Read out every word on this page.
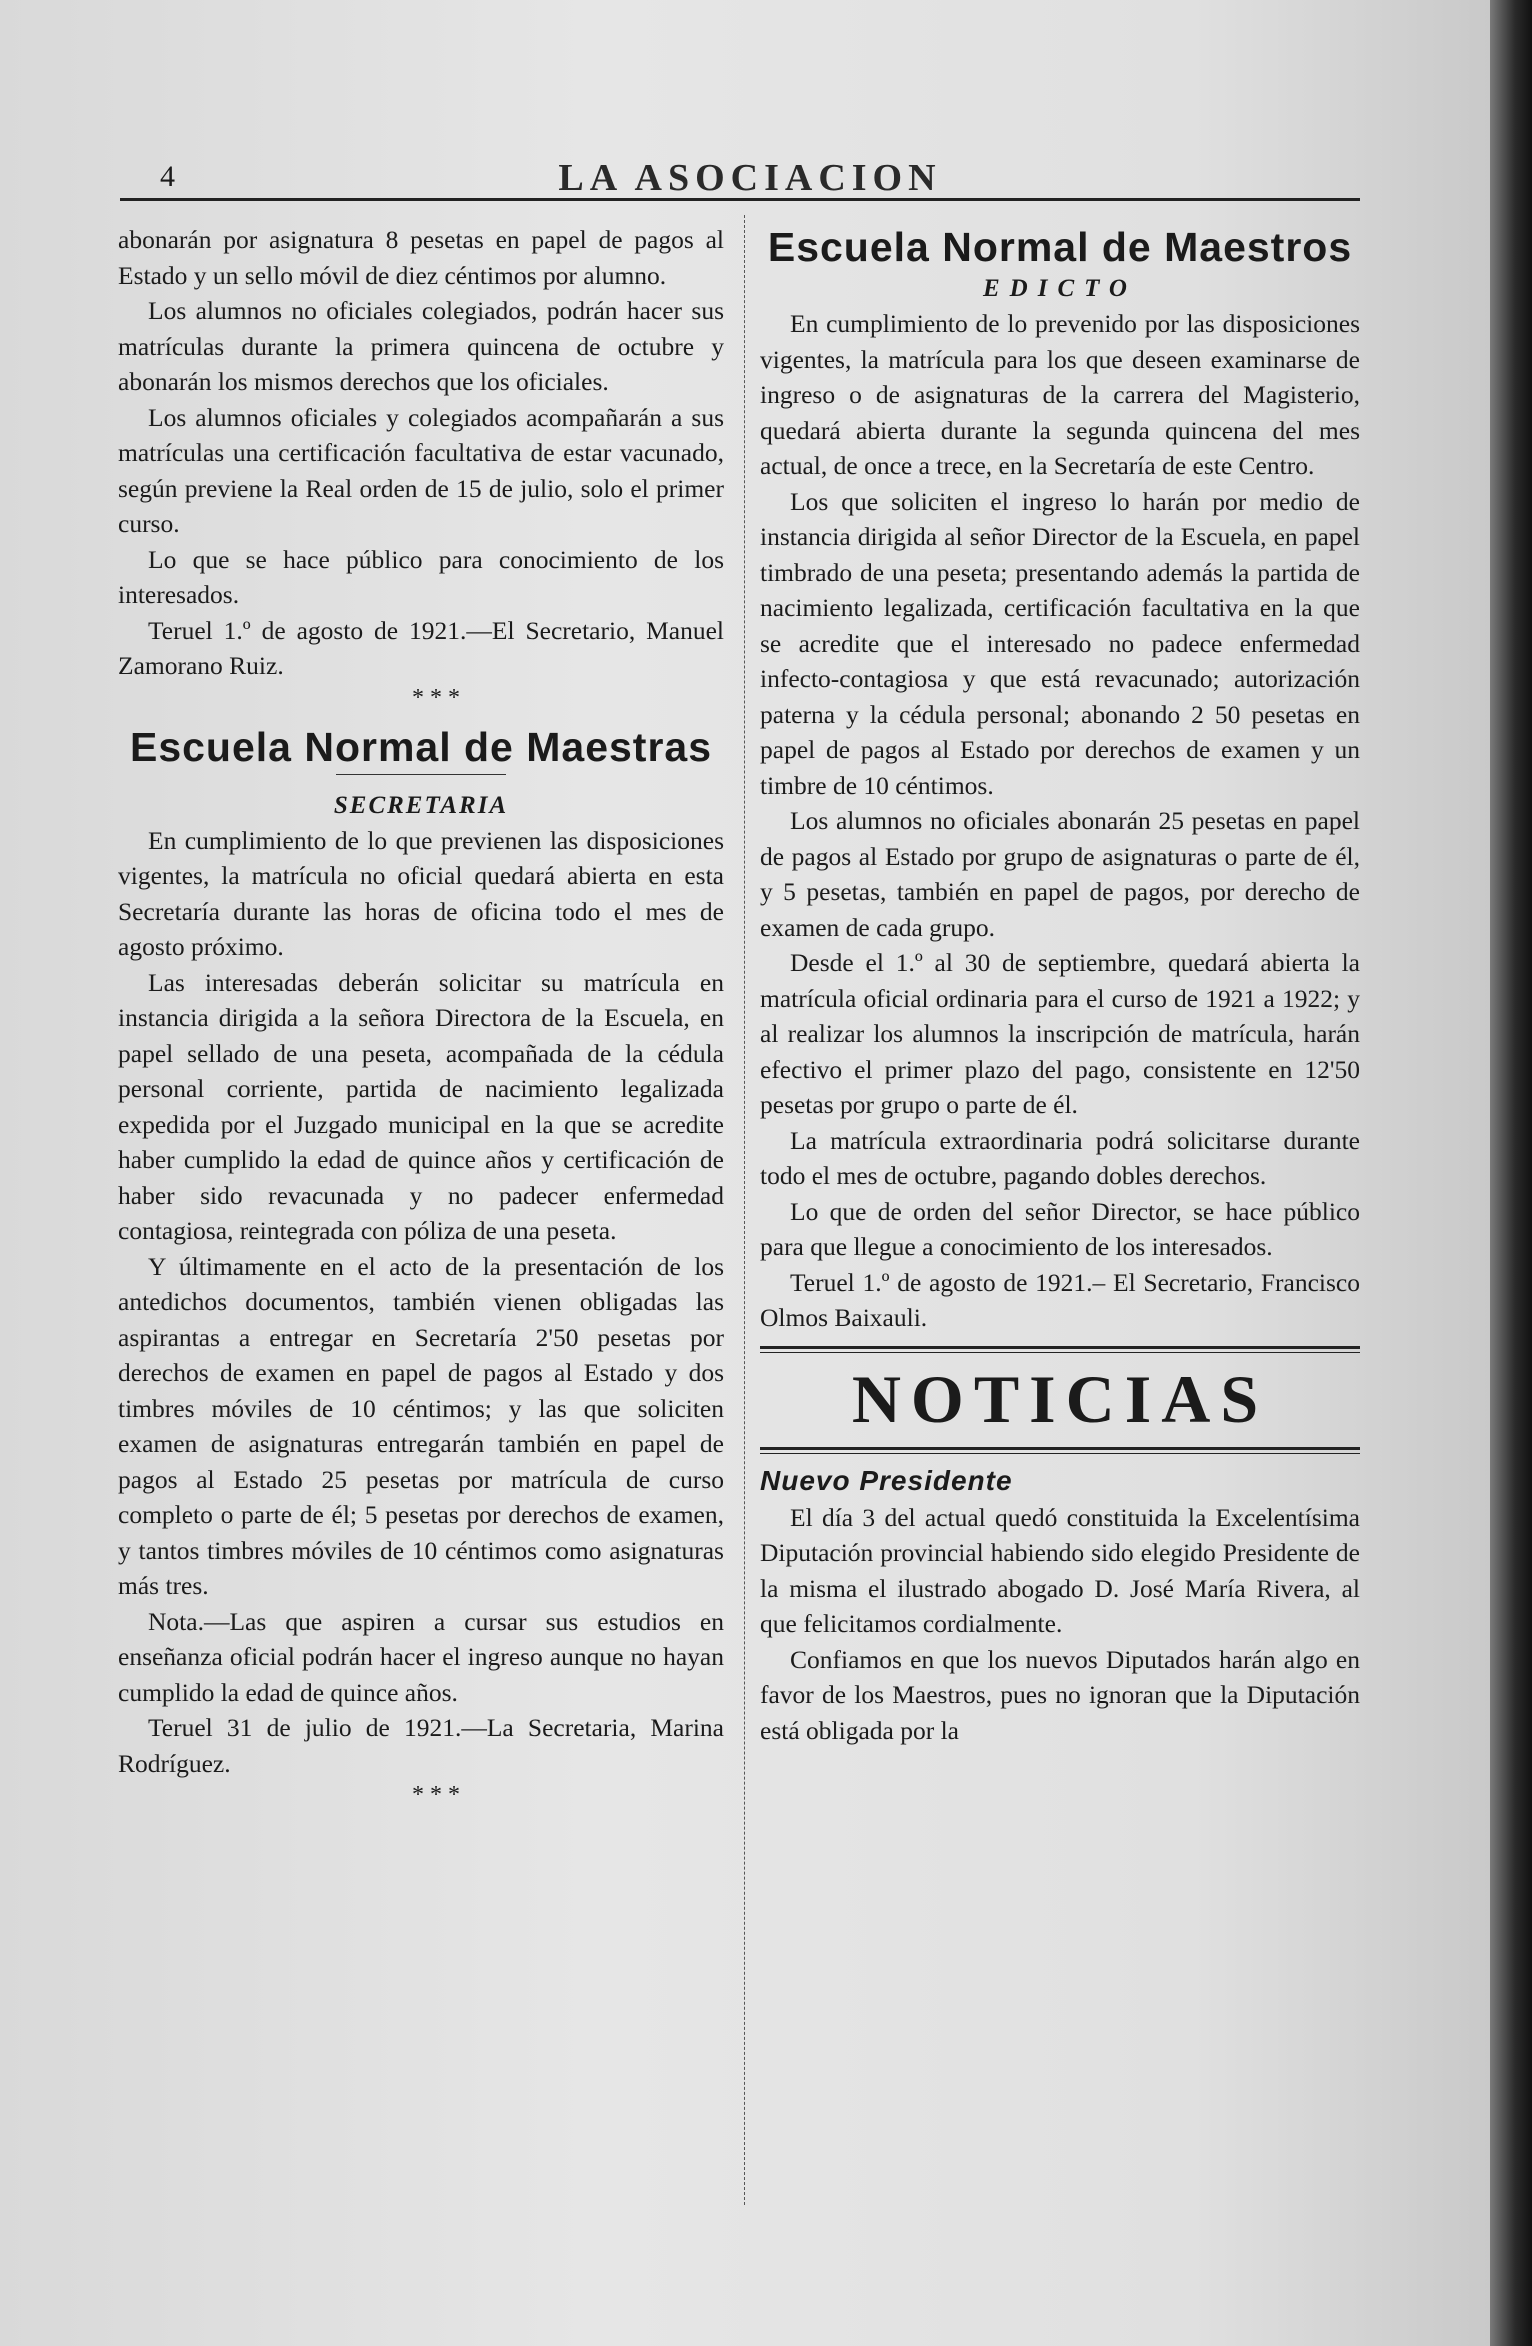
4	LA ASOCIACION

abonarán por asignatura 8 pesetas en papel de pagos al Estado y un sello móvil de diez céntimos por alumno.

Los alumnos no oficiales colegiados, podrán hacer sus matrículas durante la primera quincena de octubre y abonarán los mismos derechos que los oficiales.

Los alumnos oficiales y colegiados acompañarán a sus matrículas una certificación facultativa de estar vacunado, según previene la Real orden de 15 de julio, solo el primer curso.

Lo que se hace público para conocimiento de los interesados.

Teruel 1.º de agosto de 1921.—El Secretario, Manuel Zamorano Ruiz.

* * *

Escuela Normal de Maestras
SECRETARIA

En cumplimiento de lo que previenen las disposiciones vigentes, la matrícula no oficial quedará abierta en esta Secretaría durante las horas de oficina todo el mes de agosto próximo.

Las interesadas deberán solicitar su matrícula en instancia dirigida a la señora Directora de la Escuela, en papel sellado de una peseta, acompañada de la cédula personal corriente, partida de nacimiento legalizada expedida por el Juzgado municipal en la que se acredite haber cumplido la edad de quince años y certificación de haber sido revacunada y no padecer enfermedad contagiosa, reintegrada con póliza de una peseta.

Y últimamente en el acto de la presentación de los antedichos documentos, también vienen obligadas las aspirantas a entregar en Secretaría 2'50 pesetas por derechos de examen en papel de pagos al Estado y dos timbres móviles de 10 céntimos; y las que soliciten examen de asignaturas entregarán también en papel de pagos al Estado 25 pesetas por matrícula de curso completo o parte de él; 5 pesetas por derechos de examen, y tantos timbres móviles de 10 céntimos como asignaturas más tres.

Nota.—Las que aspiren a cursar sus estudios en enseñanza oficial podrán hacer el ingreso aunque no hayan cumplido la edad de quince años.

Teruel 31 de julio de 1921.—La Secretaria, Marina Rodríguez.

* * *

Escuela Normal de Maestros
EDICTO

En cumplimiento de lo prevenido por las disposiciones vigentes, la matrícula para los que deseen examinarse de ingreso o de asignaturas de la carrera del Magisterio, quedará abierta durante la segunda quincena del mes actual, de once a trece, en la Secretaría de este Centro.

Los que soliciten el ingreso lo harán por medio de instancia dirigida al señor Director de la Escuela, en papel timbrado de una peseta; presentando además la partida de nacimiento legalizada, certificación facultativa en la que se acredite que el interesado no padece enfermedad infecto-contagiosa y que está revacunado; autorización paterna y la cédula personal; abonando 2 50 pesetas en papel de pagos al Estado por derechos de examen y un timbre de 10 céntimos.

Los alumnos no oficiales abonarán 25 pesetas en papel de pagos al Estado por grupo de asignaturas o parte de él, y 5 pesetas, también en papel de pagos, por derecho de examen de cada grupo.

Desde el 1.º al 30 de septiembre, quedará abierta la matrícula oficial ordinaria para el curso de 1921 a 1922; y al realizar los alumnos la inscripción de matrícula, harán efectivo el primer plazo del pago, consistente en 12'50 pesetas por grupo o parte de él.

La matrícula extraordinaria podrá solicitarse durante todo el mes de octubre, pagando dobles derechos.

Lo que de orden del señor Director, se hace público para que llegue a conocimiento de los interesados.

Teruel 1.º de agosto de 1921.– El Secretario, Francisco Olmos Baixauli.

NOTICIAS
Nuevo Presidente

El día 3 del actual quedó constituida la Excelentísima Diputación provincial habiendo sido elegido Presidente de la misma el ilustrado abogado D. José María Rivera, al que felicitamos cordialmente.

Confiamos en que los nuevos Diputados harán algo en favor de los Maestros, pues no ignoran que la Diputación está obligada por la
